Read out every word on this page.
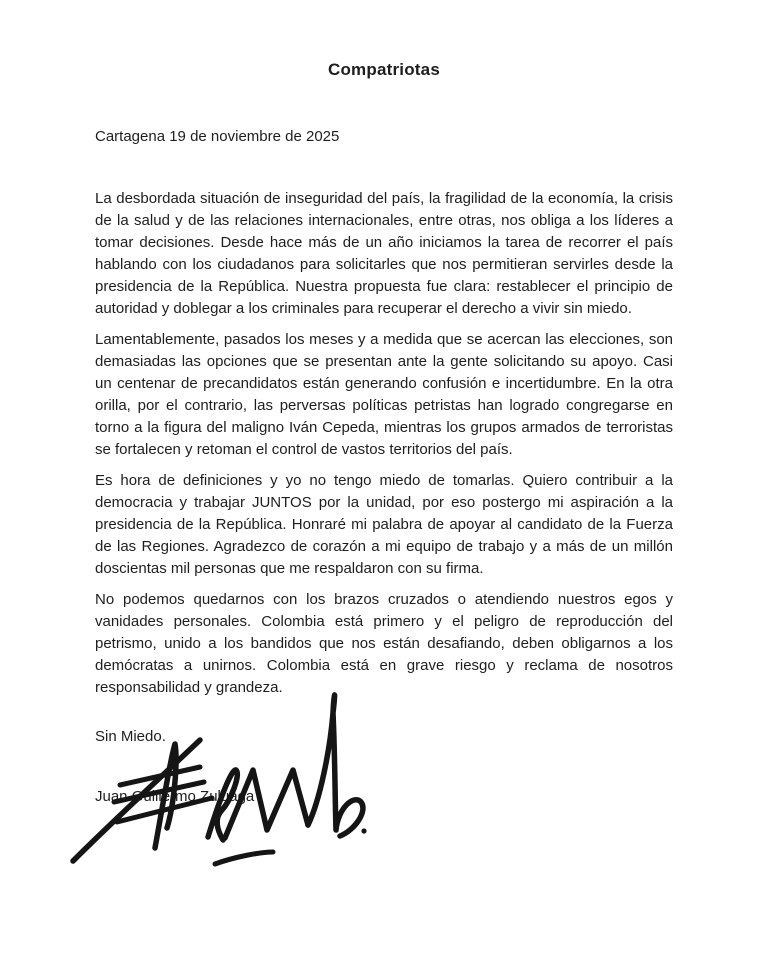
Compatriotas

Cartagena 19 de noviembre de 2025

La desbordada situación de inseguridad del país, la fragilidad de la economía, la crisis de la salud y de las relaciones internacionales, entre otras, nos obliga a los líderes a tomar decisiones. Desde hace más de un año iniciamos la tarea de recorrer el país hablando con los ciudadanos para solicitarles que nos permitieran servirles desde la presidencia de la República. Nuestra propuesta fue clara: restablecer el principio de autoridad y doblegar a los criminales para recuperar el derecho a vivir sin miedo.

Lamentablemente, pasados los meses y a medida que se acercan las elecciones, son demasiadas las opciones que se presentan ante la gente solicitando su apoyo. Casi un centenar de precandidatos están generando confusión e incertidumbre. En la otra orilla, por el contrario, las perversas políticas petristas han logrado congregarse en torno a la figura del maligno Iván Cepeda, mientras los grupos armados de terroristas se fortalecen y retoman el control de vastos territorios del país.

Es hora de definiciones y yo no tengo miedo de tomarlas. Quiero contribuir a la democracia y trabajar JUNTOS por la unidad, por eso postergo mi aspiración a la presidencia de la República. Honraré mi palabra de apoyar al candidato de la Fuerza de las Regiones. Agradezco de corazón a mi equipo de trabajo y a más de un millón doscientas mil personas que me respaldaron con su firma.

No podemos quedarnos con los brazos cruzados o atendiendo nuestros egos y vanidades personales. Colombia está primero y el peligro de reproducción del petrismo, unido a los bandidos que nos están desafiando, deben obligarnos a los demócratas a unirnos. Colombia está en grave riesgo y reclama de nosotros responsabilidad y grandeza.

Sin Miedo.

Juan Guillermo Zuluaga
